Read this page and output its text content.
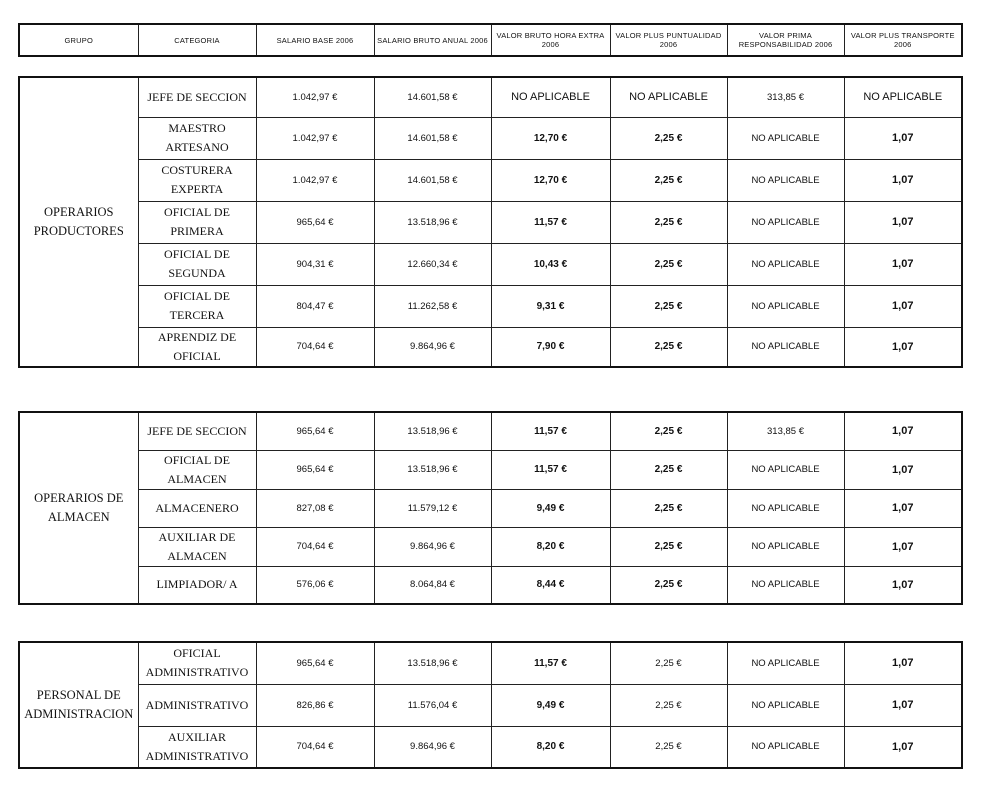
GRUPO	CATEGORIA	SALARIO BASE 2006	SALARIO BRUTO ANUAL 2006	VALOR BRUTO HORA EXTRA 2006	VALOR PLUS PUNTUALIDAD 2006	VALOR PRIMA RESPONSABILIDAD 2006	VALOR PLUS TRANSPORTE 2006
OPERARIOS PRODUCTORES	JEFE DE SECCION	1.042,97 €	14.601,58 €	NO APLICABLE	NO APLICABLE	313,85 €	NO APLICABLE
	MAESTRO ARTESANO	1.042,97 €	14.601,58 €	12,70 €	2,25 €	NO APLICABLE	1,07
	COSTURERA EXPERTA	1.042,97 €	14.601,58 €	12,70 €	2,25 €	NO APLICABLE	1,07
	OFICIAL DE PRIMERA	965,64 €	13.518,96 €	11,57 €	2,25 €	NO APLICABLE	1,07
	OFICIAL DE SEGUNDA	904,31 €	12.660,34 €	10,43 €	2,25 €	NO APLICABLE	1,07
	OFICIAL DE TERCERA	804,47 €	11.262,58 €	9,31 €	2,25 €	NO APLICABLE	1,07
	APRENDIZ DE OFICIAL	704,64 €	9.864,96 €	7,90 €	2,25 €	NO APLICABLE	1,07
OPERARIOS DE ALMACEN	JEFE DE SECCION	965,64 €	13.518,96 €	11,57 €	2,25 €	313,85 €	1,07
	OFICIAL DE ALMACEN	965,64 €	13.518,96 €	11,57 €	2,25 €	NO APLICABLE	1,07
	ALMACENERO	827,08 €	11.579,12 €	9,49 €	2,25 €	NO APLICABLE	1,07
	AUXILIAR DE ALMACEN	704,64 €	9.864,96 €	8,20 €	2,25 €	NO APLICABLE	1,07
	LIMPIADOR/ A	576,06 €	8.064,84 €	8,44 €	2,25 €	NO APLICABLE	1,07
PERSONAL DE ADMINISTRACION	OFICIAL ADMINISTRATIVO	965,64 €	13.518,96 €	11,57 €	2,25 €	NO APLICABLE	1,07
	ADMINISTRATIVO	826,86 €	11.576,04 €	9,49 €	2,25 €	NO APLICABLE	1,07
	AUXILIAR ADMINISTRATIVO	704,64 €	9.864,96 €	8,20 €	2,25 €	NO APLICABLE	1,07
